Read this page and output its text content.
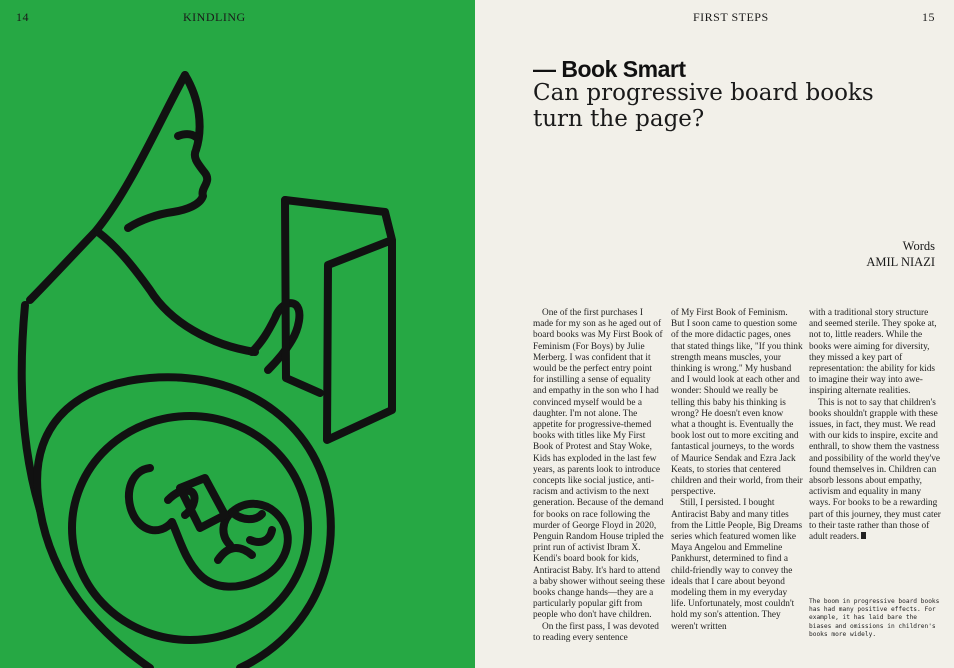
14	KINDLING	FIRST STEPS	15
— Book Smart
Can progressive board books turn the page?
Words
AMIL NIAZI

One of the first purchases I made for my son as he aged out of board books was My First Book of Feminism (For Boys) by Julie Merberg. I was confident that it would be the perfect entry point for instilling a sense of equality and empathy in the son who I had convinced myself would be a daughter. I'm not alone. The appetite for progressive-themed books with titles like My First Book of Protest and Stay Woke, Kids has exploded in the last few years, as parents look to introduce concepts like social justice, anti-racism and activism to the next generation. Because of the demand for books on race following the murder of George Floyd in 2020, Penguin Random House tripled the print run of activist Ibram X. Kendi's board book for kids, Antiracist Baby. It's hard to attend a baby shower without seeing these books change hands—they are a particularly popular gift from people who don't have children.

On the first pass, I was devoted to reading every sentence

of My First Book of Feminism. But I soon came to question some of the more didactic pages, ones that stated things like, "If you think strength means muscles, your thinking is wrong." My husband and I would look at each other and wonder: Should we really be telling this baby his thinking is wrong? He doesn't even know what a thought is. Eventually the book lost out to more exciting and fantastical journeys, to the words of Maurice Sendak and Ezra Jack Keats, to stories that centered children and their world, from their perspective.

Still, I persisted. I bought Antiracist Baby and many titles from the Little People, Big Dreams series which featured women like Maya Angelou and Emmeline Pankhurst, determined to find a child-friendly way to convey the ideals that I care about beyond modeling them in my everyday life. Unfortunately, most couldn't hold my son's attention. They weren't written

with a traditional story structure and seemed sterile. They spoke at, not to, little readers. While the books were aiming for diversity, they missed a key part of representation: the ability for kids to imagine their way into awe-inspiring alternate realities.

This is not to say that children's books shouldn't grapple with these issues, in fact, they must. We read with our kids to inspire, excite and enthrall, to show them the vastness and possibility of the world they've found themselves in. Children can absorb lessons about empathy, activism and equality in many ways. For books to be a rewarding part of this journey, they must cater to their taste rather than those of adult readers.

The boom in progressive board books has had many positive effects. For example, it has laid bare the biases and omissions in children's books more widely.
